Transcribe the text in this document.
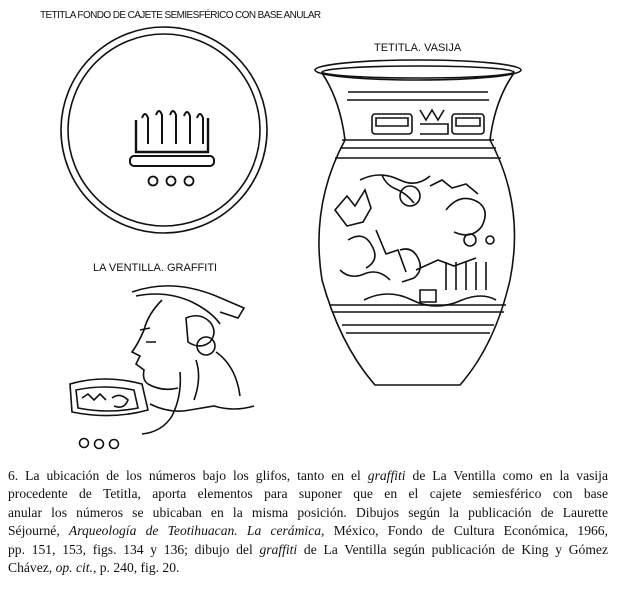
TETITLA FONDO DE CAJETE SEMIESFÉRICO CON BASE ANULAR
TETITLA. VASIJA
LA VENTILLA. GRAFFITI
6. La ubicación de los números bajo los glifos, tanto en el graffiti de La Ventilla como en la vasija
procedente de Tetitla, aporta elementos para suponer que en el cajete semiesférico con base
anular los números se ubicaban en la misma posición. Dibujos según la publicación de Laurette
Séjourné, Arqueología de Teotihuacan. La cerámica, México, Fondo de Cultura Económica, 1966,
pp. 151, 153, figs. 134 y 136; dibujo del graffiti de La Ventilla según publicación de King y Gómez
Chávez, op. cit., p. 240, fig. 20.
